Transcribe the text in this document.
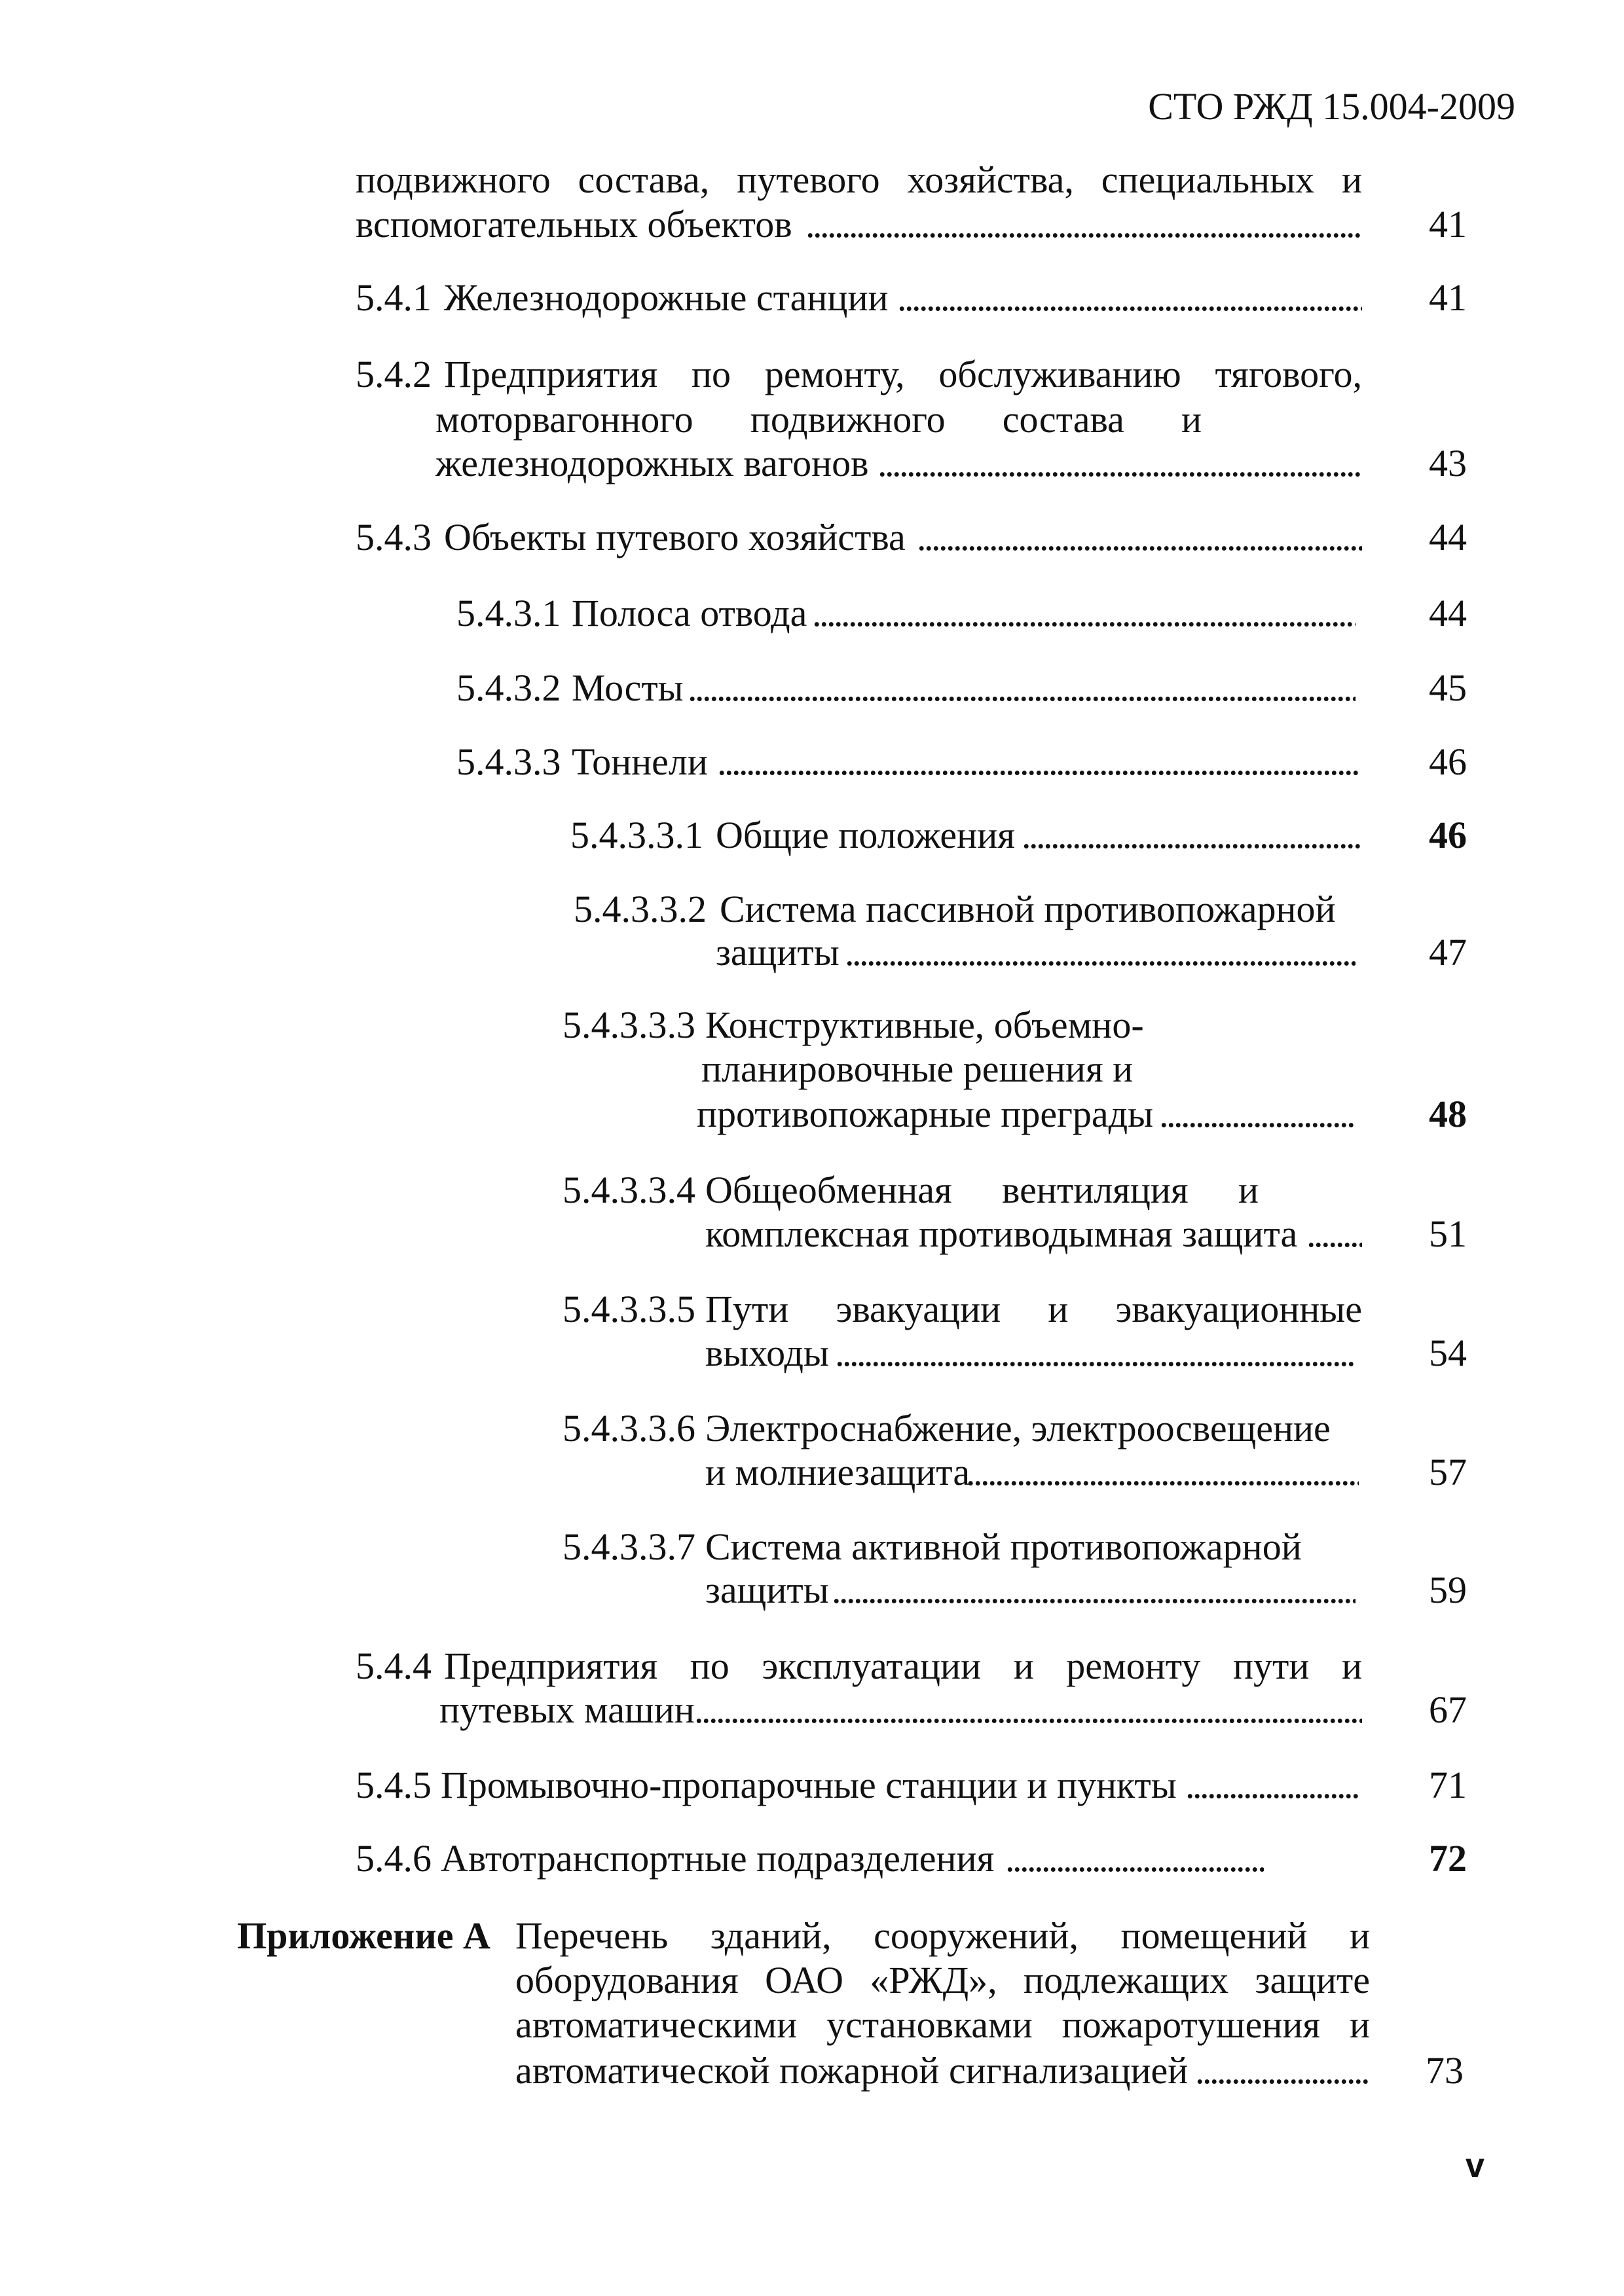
СТО РЖД 15.004-2009
подвижного состава, путевого хозяйства, специальных и
вспомогательных объектов . . .	41
5.4.1 Железнодорожные станции . . .	41
5.4.2 Предприятия по ремонту, обслуживанию тягового,
моторвагонного подвижного состава и
железнодорожных вагонов . . .	43
5.4.3 Объекты путевого хозяйства . . .	44
5.4.3.1 Полоса отвода . . .	44
5.4.3.2 Мосты . . .	45
5.4.3.3 Тоннели . . .	46
5.4.3.3.1 Общие положения . . .	46
5.4.3.3.2 Система пассивной противопожарной
защиты . . .	47
5.4.3.3.3 Конструктивные, объемно-
планировочные решения и
противопожарные преграды . . .	48
5.4.3.3.4 Общеобменная вентиляция и
комплексная противодымная защита . . .	51
5.4.3.3.5 Пути эвакуации и эвакуационные
выходы . . .	54
5.4.3.3.6 Электроснабжение, электроосвещение
и молниезащита . . .	57
5.4.3.3.7 Система активной противопожарной
защиты . . .	59
5.4.4 Предприятия по эксплуатации и ремонту пути и
путевых машин . . .	67
5.4.5 Промывочно-пропарочные станции и пункты . . .	71
5.4.6 Автотранспортные подразделения . . .	72
Приложение А Перечень зданий, сооружений, помещений и
оборудования ОАО «РЖД», подлежащих защите
автоматическими установками пожаротушения и
автоматической пожарной сигнализацией . . .	73
v
